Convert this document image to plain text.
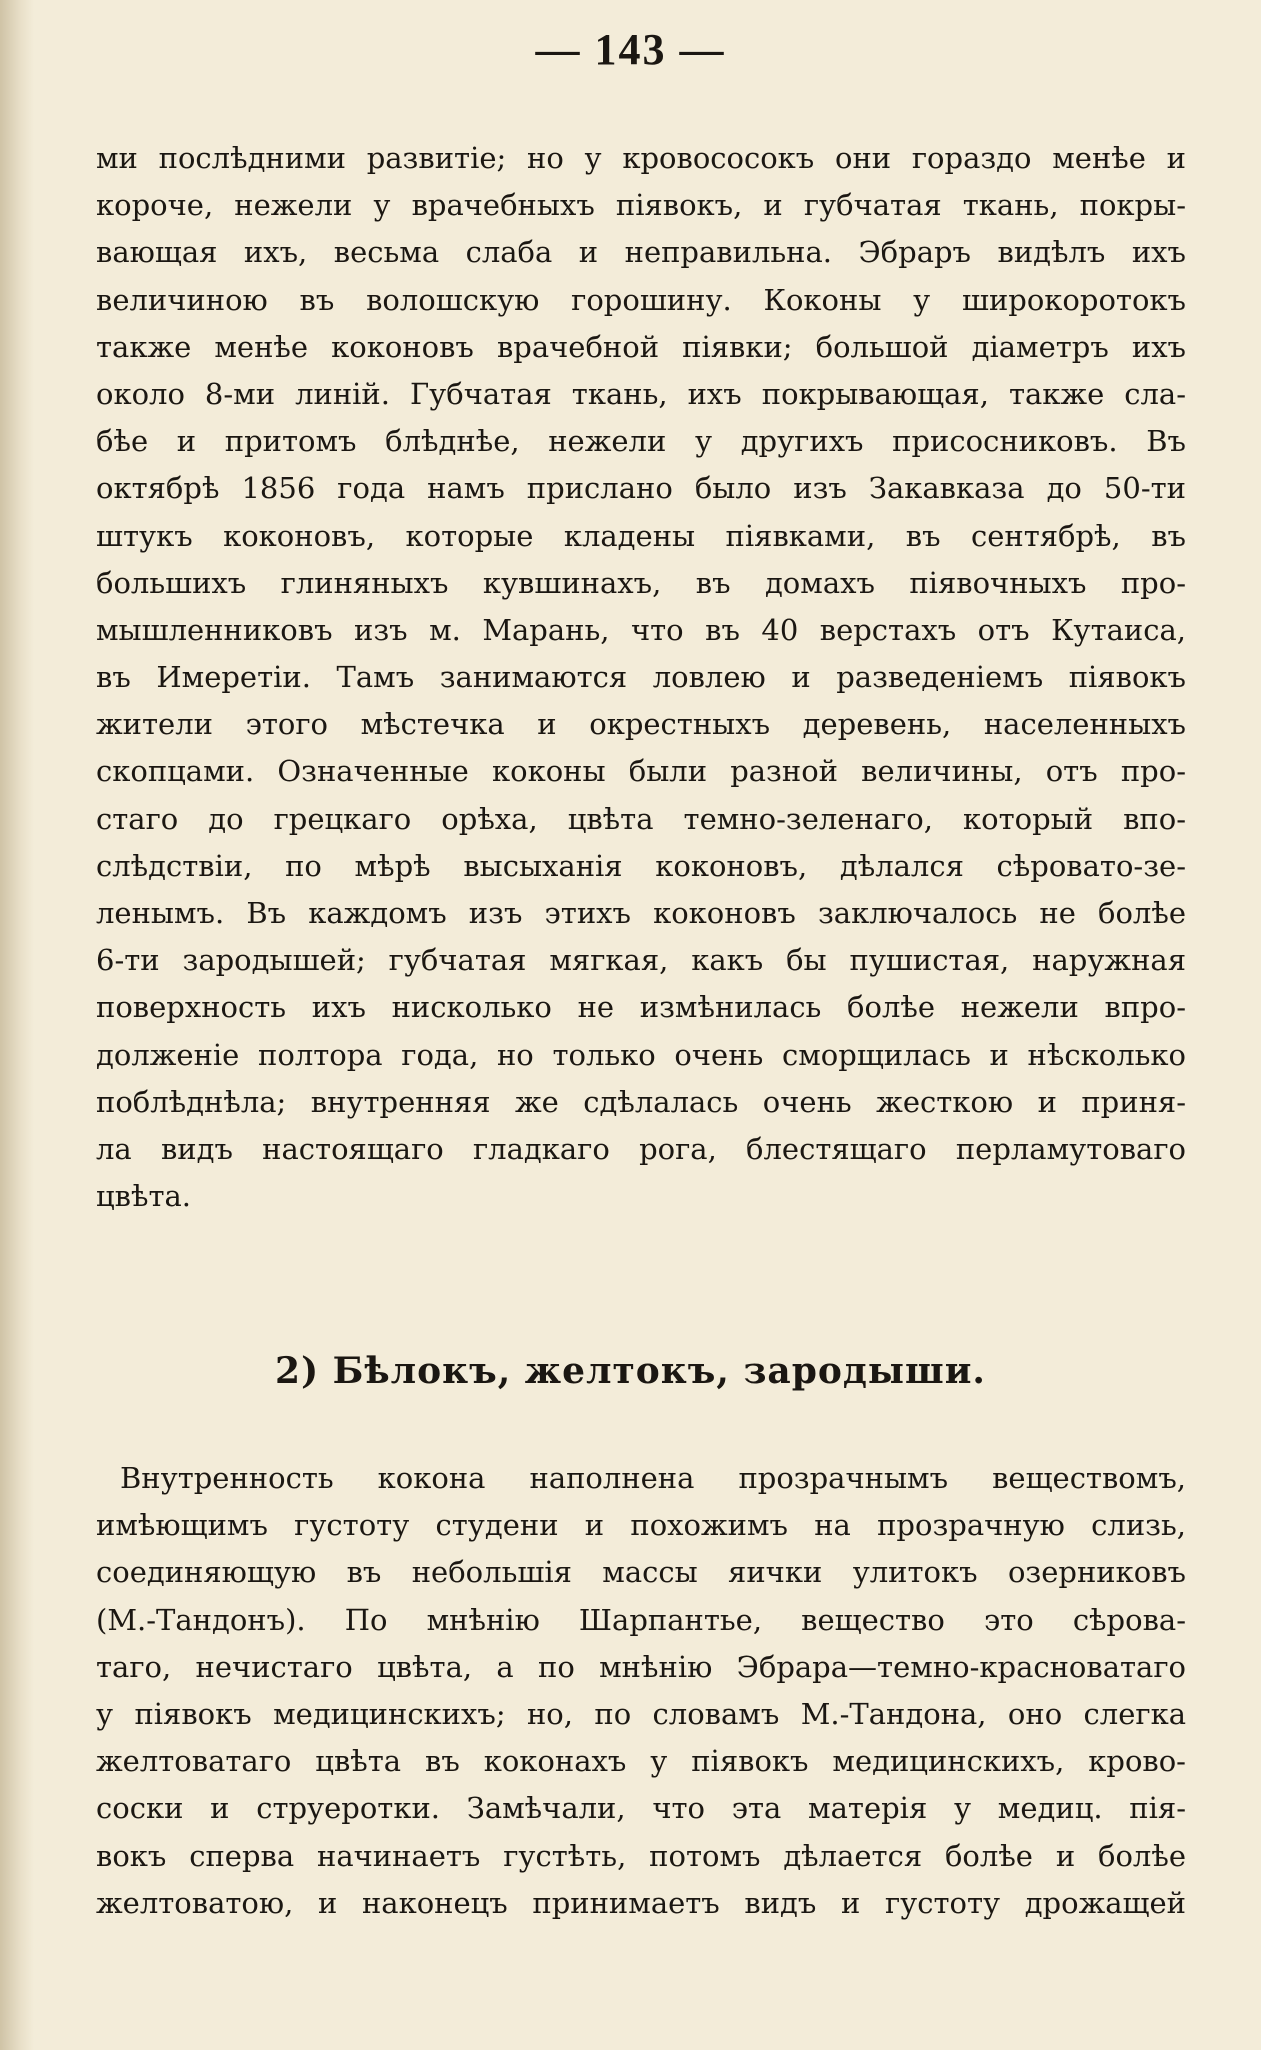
— 143 —
ми послѣдними развитіе; но у кровососокъ они гораздо менѣе и
короче, нежели у врачебныхъ піявокъ, и губчатая ткань, покры-
вающая ихъ, весьма слаба и неправильна. Эбраръ видѣлъ ихъ
величиною въ волошскую горошину. Коконы у широкоротокъ
также менѣе коконовъ врачебной піявки; большой діаметръ ихъ
около 8-ми линій. Губчатая ткань, ихъ покрывающая, также сла-
бѣе и притомъ блѣднѣе, нежели у другихъ присосниковъ. Въ
октябрѣ 1856 года намъ прислано было изъ Закавказа до 50-ти
штукъ коконовъ, которые кладены піявками, въ сентябрѣ, въ
большихъ глиняныхъ кувшинахъ, въ домахъ піявочныхъ про-
мышленниковъ изъ м. Марань, что въ 40 верстахъ отъ Кутаиса,
въ Имеретіи. Тамъ занимаются ловлею и разведеніемъ піявокъ
жители этого мѣстечка и окрестныхъ деревень, населенныхъ
скопцами. Означенные коконы были разной величины, отъ про-
стаго до грецкаго орѣха, цвѣта темно-зеленаго, который впо-
слѣдствіи, по мѣрѣ высыханія коконовъ, дѣлался сѣровато-зе-
ленымъ. Въ каждомъ изъ этихъ коконовъ заключалось не болѣе
6-ти зародышей; губчатая мягкая, какъ бы пушистая, наружная
поверхность ихъ нисколько не измѣнилась болѣе нежели впро-
долженіе полтора года, но только очень сморщилась и нѣсколько
поблѣднѣла; внутренняя же сдѣлалась очень жесткою и приня-
ла видъ настоящаго гладкаго рога, блестящаго перламутоваго
цвѣта.
2) Бѣлокъ, желтокъ, зародыши.
Внутренность кокона наполнена прозрачнымъ веществомъ,
имѣющимъ густоту студени и похожимъ на прозрачную слизь,
соединяющую въ небольшія массы яички улитокъ озерниковъ
(М.-Тандонъ). По мнѣнію Шарпантье, вещество это сѣрова-
таго, нечистаго цвѣта, а по мнѣнію Эбрара—темно-красноватаго
у піявокъ медицинскихъ; но, по словамъ М.-Тандона, оно слегка
желтоватаго цвѣта въ коконахъ у піявокъ медицинскихъ, крово-
соски и струеротки. Замѣчали, что эта матерія у медиц. пія-
вокъ сперва начинаетъ густѣть, потомъ дѣлается болѣе и болѣе
желтоватою, и наконецъ принимаетъ видъ и густоту дрожащей
